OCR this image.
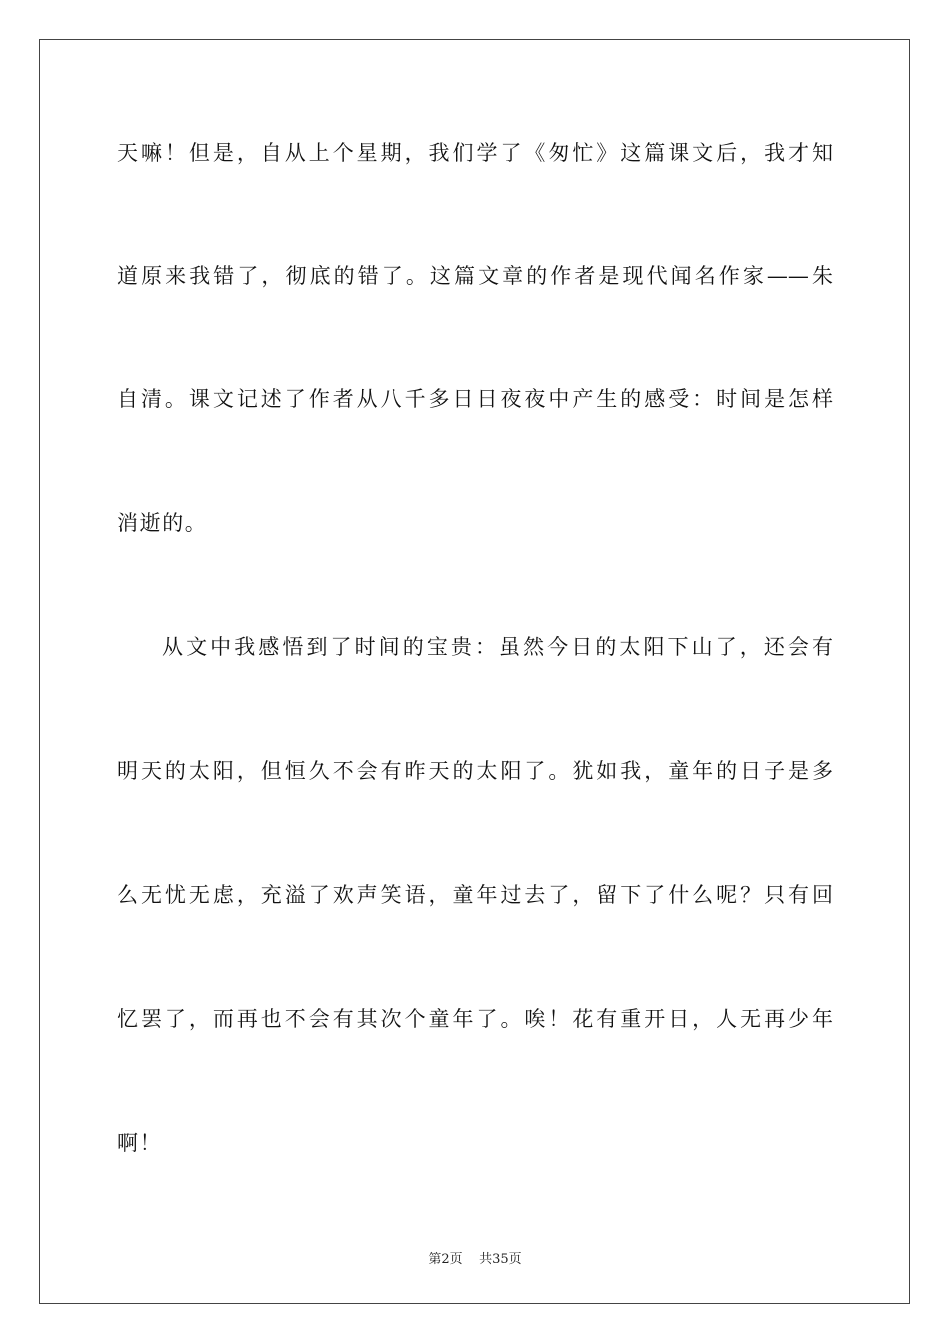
天嘛！但是，自从上个星期，我们学了《匆忙》这篇课文后，我才知
道原来我错了，彻底的错了。这篇文章的作者是现代闻名作家——朱
自清。课文记述了作者从八千多日日夜夜中产生的感受：时间是怎样
消逝的。
从文中我感悟到了时间的宝贵：虽然今日的太阳下山了，还会有
明天的太阳，但恒久不会有昨天的太阳了。犹如我，童年的日子是多
么无忧无虑，充溢了欢声笑语，童年过去了，留下了什么呢？只有回
忆罢了，而再也不会有其次个童年了。唉！花有重开日，人无再少年
啊！
第2页 共35页
